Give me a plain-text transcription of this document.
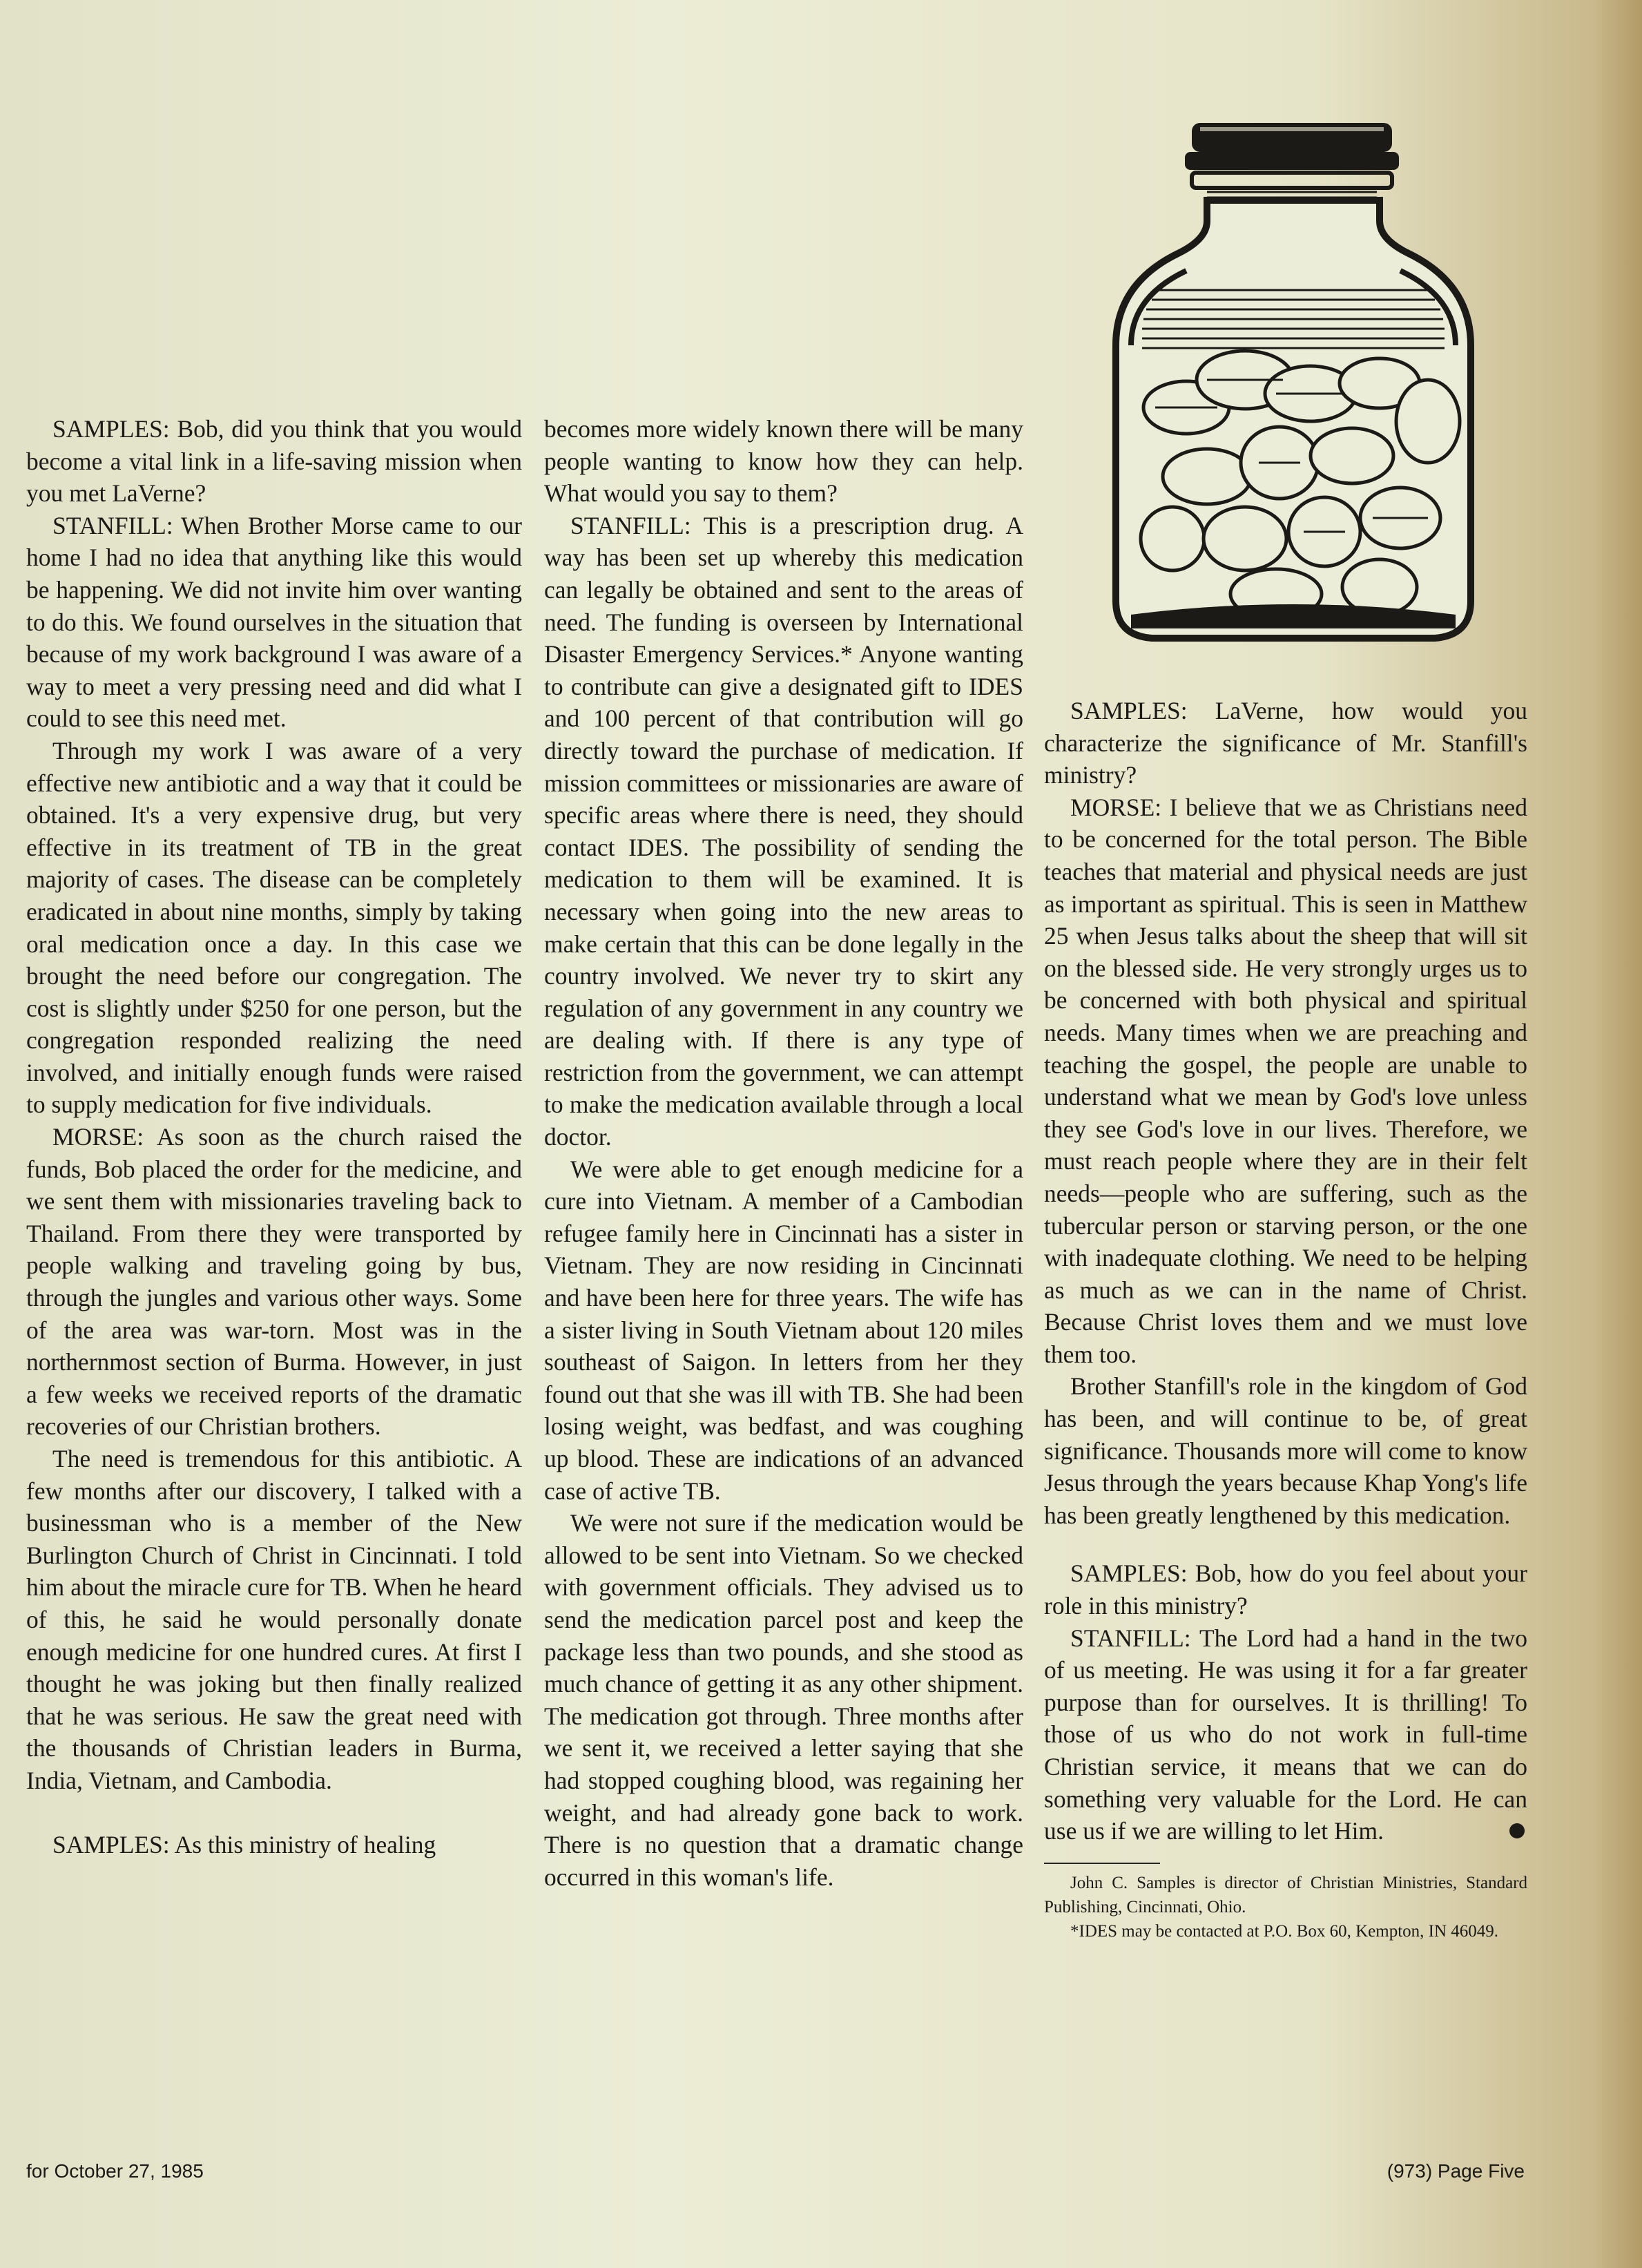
SAMPLES: Bob, did you think that you would become a vital link in a life-saving mission when you met LaVerne?

STANFILL: When Brother Morse came to our home I had no idea that anything like this would be happening. We did not invite him over wanting to do this. We found ourselves in the situation that because of my work background I was aware of a way to meet a very pressing need and did what I could to see this need met.

Through my work I was aware of a very effective new antibiotic and a way that it could be obtained. It's a very expensive drug, but very effective in its treatment of TB in the great majority of cases. The disease can be completely eradicated in about nine months, simply by taking oral medication once a day. In this case we brought the need before our congregation. The cost is slightly under $250 for one person, but the congregation responded realizing the need involved, and initially enough funds were raised to supply medication for five individuals.

MORSE: As soon as the church raised the funds, Bob placed the order for the medicine, and we sent them with missionaries traveling back to Thailand. From there they were transported by people walking and traveling going by bus, through the jungles and various other ways. Some of the area was war-torn. Most was in the northernmost section of Burma. However, in just a few weeks we received reports of the dramatic recoveries of our Christian brothers.

The need is tremendous for this antibiotic. A few months after our discovery, I talked with a businessman who is a member of the New Burlington Church of Christ in Cincinnati. I told him about the miracle cure for TB. When he heard of this, he said he would personally donate enough medicine for one hundred cures. At first I thought he was joking but then finally realized that he was serious. He saw the great need with the thousands of Christian leaders in Burma, India, Vietnam, and Cambodia.

SAMPLES: As this ministry of healing

becomes more widely known there will be many people wanting to know how they can help. What would you say to them?

STANFILL: This is a prescription drug. A way has been set up whereby this medication can legally be obtained and sent to the areas of need. The funding is overseen by International Disaster Emergency Services.* Anyone wanting to contribute can give a designated gift to IDES and 100 percent of that contribution will go directly toward the purchase of medication. If mission committees or missionaries are aware of specific areas where there is need, they should contact IDES. The possibility of sending the medication to them will be examined. It is necessary when going into the new areas to make certain that this can be done legally in the country involved. We never try to skirt any regulation of any government in any country we are dealing with. If there is any type of restriction from the government, we can attempt to make the medication available through a local doctor.

We were able to get enough medicine for a cure into Vietnam. A member of a Cambodian refugee family here in Cincinnati has a sister in Vietnam. They are now residing in Cincinnati and have been here for three years. The wife has a sister living in South Vietnam about 120 miles southeast of Saigon. In letters from her they found out that she was ill with TB. She had been losing weight, was bedfast, and was coughing up blood. These are indications of an advanced case of active TB.

We were not sure if the medication would be allowed to be sent into Vietnam. So we checked with government officials. They advised us to send the medication parcel post and keep the package less than two pounds, and she stood as much chance of getting it as any other shipment. The medication got through. Three months after we sent it, we received a letter saying that she had stopped coughing blood, was regaining her weight, and had already gone back to work. There is no question that a dramatic change occurred in this woman's life.

SAMPLES: LaVerne, how would you characterize the significance of Mr. Stanfill's ministry?

MORSE: I believe that we as Christians need to be concerned for the total person. The Bible teaches that material and physical needs are just as important as spiritual. This is seen in Matthew 25 when Jesus talks about the sheep that will sit on the blessed side. He very strongly urges us to be concerned with both physical and spiritual needs. Many times when we are preaching and teaching the gospel, the people are unable to understand what we mean by God's love unless they see God's love in our lives. Therefore, we must reach people where they are in their felt needs—people who are suffering, such as the tubercular person or starving person, or the one with inadequate clothing. We need to be helping as much as we can in the name of Christ. Because Christ loves them and we must love them too.

Brother Stanfill's role in the kingdom of God has been, and will continue to be, of great significance. Thousands more will come to know Jesus through the years because Khap Yong's life has been greatly lengthened by this medication.

SAMPLES: Bob, how do you feel about your role in this ministry?

STANFILL: The Lord had a hand in the two of us meeting. He was using it for a far greater purpose than for ourselves. It is thrilling! To those of us who do not work in full-time Christian service, it means that we can do something very valuable for the Lord. He can use us if we are willing to let Him.

John C. Samples is director of Christian Ministries, Standard Publishing, Cincinnati, Ohio.

*IDES may be contacted at P.O. Box 60, Kempton, IN 46049.

for October 27, 1985	(973) Page Five
